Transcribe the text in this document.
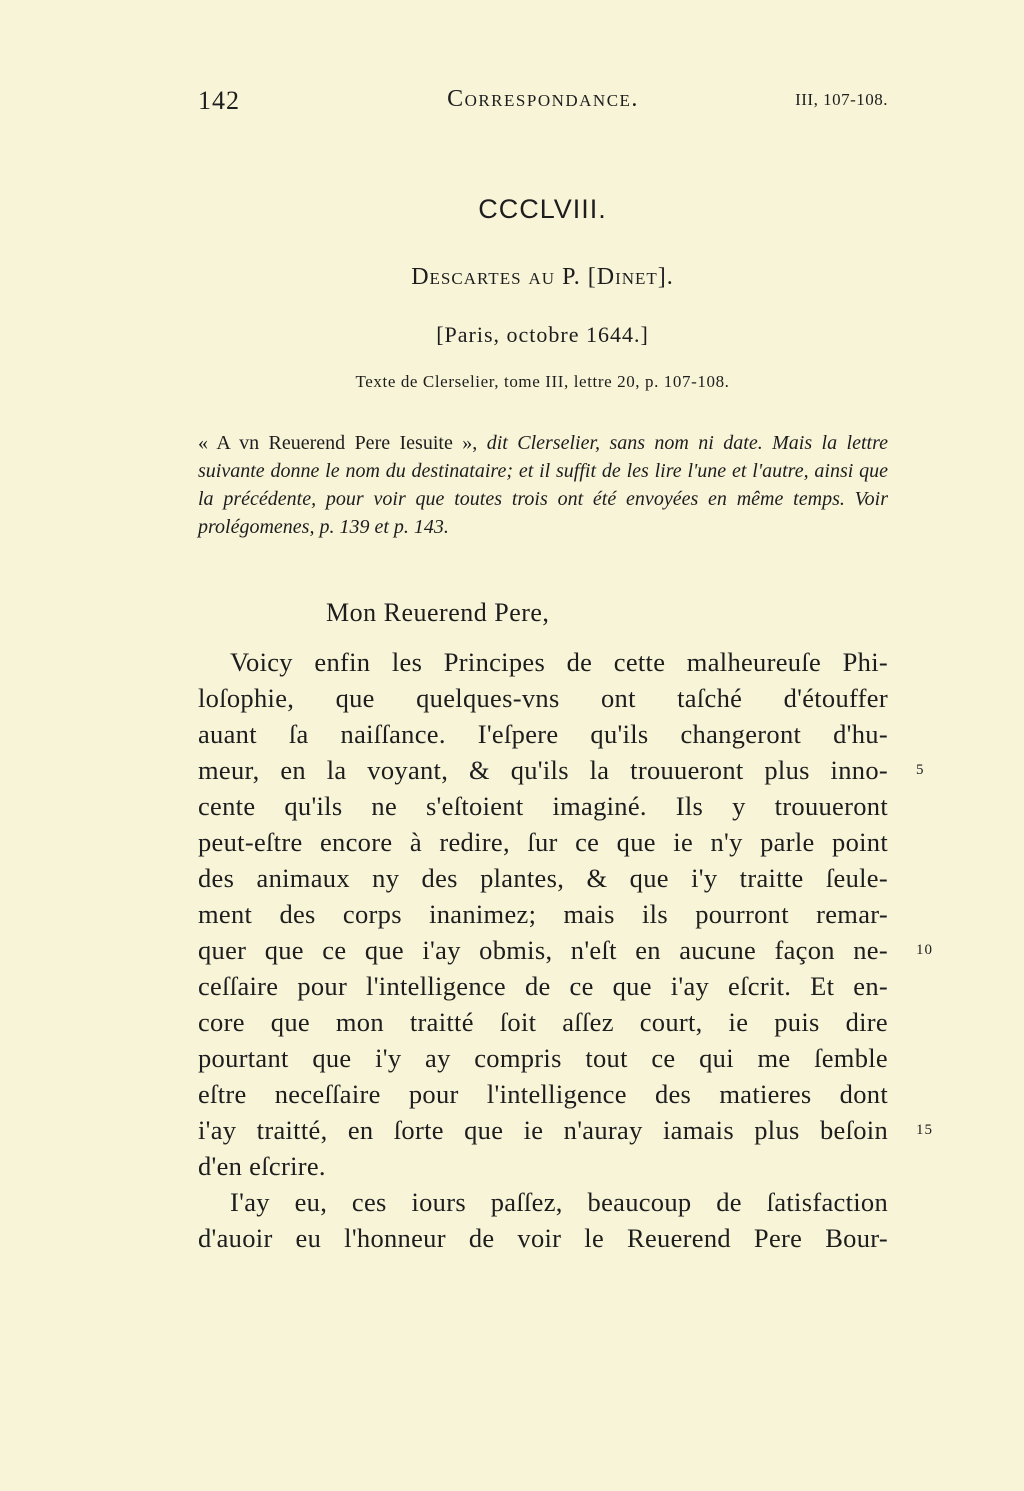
142	Correspondance.	III, 107-108.
CCCLVIII.
Descartes au P. [Dinet].
[Paris, octobre 1644.]
Texte de Clerselier, tome III, lettre 20, p. 107-108.
« A vn Reuerend Pere Iesuite », dit Clerselier, sans nom ni date. Mais la lettre suivante donne le nom du destinataire; et il suffit de les lire l'une et l'autre, ainsi que la précédente, pour voir que toutes trois ont été envoyées en même temps. Voir prolégomenes, p. 139 et p. 143.
Mon Reuerend Pere,
Voicy enfin les Principes de cette malheureuſe Phi-
loſophie, que quelques-vns ont taſché d'étouffer
auant ſa naiſſance. I'eſpere qu'ils changeront d'hu-
meur, en la voyant, & qu'ils la trouueront plus inno-
cente qu'ils ne s'eſtoient imaginé. Ils y trouueront
peut-eſtre encore à redire, ſur ce que ie n'y parle point
des animaux ny des plantes, & que i'y traitte ſeule-
ment des corps inanimez; mais ils pourront remar-
quer que ce que i'ay obmis, n'eſt en aucune façon ne-
ceſſaire pour l'intelligence de ce que i'ay eſcrit. Et en-
core que mon traitté ſoit aſſez court, ie puis dire
pourtant que i'y ay compris tout ce qui me ſemble
eſtre neceſſaire pour l'intelligence des matieres dont
i'ay traitté, en ſorte que ie n'auray iamais plus beſoin
d'en eſcrire.
I'ay eu, ces iours paſſez, beaucoup de ſatisfaction
d'auoir eu l'honneur de voir le Reuerend Pere Bour-
5
10
15
